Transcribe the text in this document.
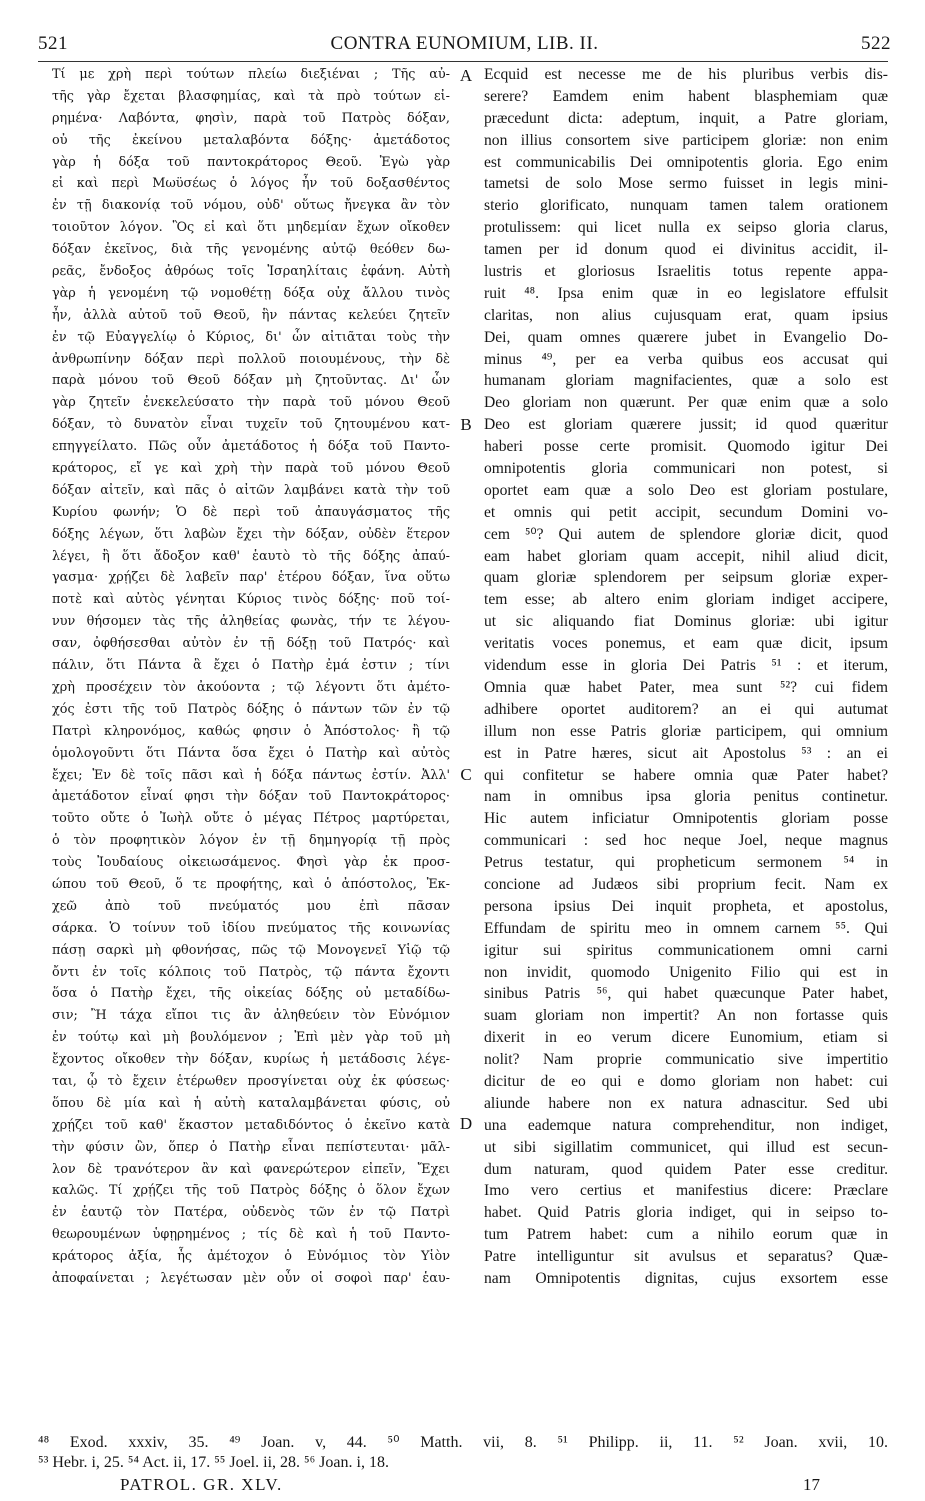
521	CONTRA EUNOMIUM, LIB. II.	522
Τί με χρὴ περὶ τούτων πλείω διεξιέναι ; Τῆς αὐ-
τῆς γὰρ ἔχεται βλασφημίας, καὶ τὰ πρὸ τούτων εἰ-
ρημένα· Λαβόντα, φησὶν, παρὰ τοῦ Πατρὸς δόξαν,
οὐ τῆς ἐκείνου μεταλαβόντα δόξης· ἀμετάδοτος
γὰρ ἡ δόξα τοῦ παντοκράτορος Θεοῦ. Ἐγὼ γὰρ
εἰ καὶ περὶ Μωϋσέως ὁ λόγος ἦν τοῦ δοξασθέντος
ἐν τῇ διακονίᾳ τοῦ νόμου, οὐδ' οὕτως ἤνεγκα ἂν τὸν
τοιοῦτον λόγον. Ὃς εἰ καὶ ὅτι μηδεμίαν ἔχων οἴκοθεν
δόξαν ἐκεῖνος, διὰ τῆς γενομένης αὐτῷ θεόθεν δω-
ρεᾶς, ἔνδοξος ἀθρόως τοῖς Ἰσραηλίταις ἐφάνη. Αὐτὴ
γὰρ ἡ γενομένη τῷ νομοθέτῃ δόξα οὐχ ἄλλου τινὸς
ἦν, ἀλλὰ αὐτοῦ τοῦ Θεοῦ, ἣν πάντας κελεύει ζητεῖν
ἐν τῷ Εὐαγγελίῳ ὁ Κύριος, δι' ὧν αἰτιᾶται τοὺς τὴν
ἀνθρωπίνην δόξαν περὶ πολλοῦ ποιουμένους, τὴν δὲ
παρὰ μόνου τοῦ Θεοῦ δόξαν μὴ ζητοῦντας. Δι' ὧν
γὰρ ζητεῖν ἐνεκελεύσατο τὴν παρὰ τοῦ μόνου Θεοῦ
δόξαν, τὸ δυνατὸν εἶναι τυχεῖν τοῦ ζητουμένου κατ-
επηγγείλατο. Πῶς οὖν ἀμετάδοτος ἡ δόξα τοῦ Παντο-
κράτορος, εἴ γε καὶ χρὴ τὴν παρὰ τοῦ μόνου Θεοῦ
δόξαν αἰτεῖν, καὶ πᾶς ὁ αἰτῶν λαμβάνει κατὰ τὴν τοῦ
Κυρίου φωνήν; Ὁ δὲ περὶ τοῦ ἀπαυγάσματος τῆς
δόξης λέγων, ὅτι λαβὼν ἔχει τὴν δόξαν, οὐδὲν ἕτερον
λέγει, ἢ ὅτι ἄδοξον καθ' ἑαυτὸ τὸ τῆς δόξης ἀπαύ-
γασμα· χρῄζει δὲ λαβεῖν παρ' ἑτέρου δόξαν, ἵνα οὕτω
ποτὲ καὶ αὐτὸς γένηται Κύριος τινὸς δόξης· ποῦ τοί-
νυν θήσομεν τὰς τῆς ἀληθείας φωνὰς, τήν τε λέγου-
σαν, ὀφθήσεσθαι αὐτὸν ἐν τῇ δόξῃ τοῦ Πατρός· καὶ
πάλιν, ὅτι Πάντα ἃ ἔχει ὁ Πατὴρ ἐμά ἐστιν ; τίνι
χρὴ προσέχειν τὸν ἀκούοντα ; τῷ λέγοντι ὅτι ἀμέτο-
χός ἐστι τῆς τοῦ Πατρὸς δόξης ὁ πάντων τῶν ἐν τῷ
Πατρὶ κληρονόμος, καθώς φησιν ὁ Ἀπόστολος· ἢ τῷ
ὁμολογοῦντι ὅτι Πάντα ὅσα ἔχει ὁ Πατὴρ καὶ αὐτὸς
ἔχει; Ἐν δὲ τοῖς πᾶσι καὶ ἡ δόξα πάντως ἐστίν. Ἀλλ'
ἀμετάδοτον εἶναί φησι τὴν δόξαν τοῦ Παντοκράτορος·
τοῦτο οὔτε ὁ Ἰωὴλ οὔτε ὁ μέγας Πέτρος μαρτύρεται,
ὁ τὸν προφητικὸν λόγον ἐν τῇ δημηγορίᾳ τῇ πρὸς
τοὺς Ἰουδαίους οἰκειωσάμενος. Φησὶ γὰρ ἐκ προσ-
ώπου τοῦ Θεοῦ, ὅ τε προφήτης, καὶ ὁ ἀπόστολος, Ἐκ-
χεῶ ἀπὸ τοῦ πνεύματός μου ἐπὶ πᾶσαν
σάρκα. Ὁ τοίνυν τοῦ ἰδίου πνεύματος τῆς κοινωνίας
πάσῃ σαρκὶ μὴ φθονήσας, πῶς τῷ Μονογενεῖ Υἱῷ τῷ
ὄντι ἐν τοῖς κόλποις τοῦ Πατρὸς, τῷ πάντα ἔχοντι
ὅσα ὁ Πατὴρ ἔχει, τῆς οἰκείας δόξης οὐ μεταδίδω-
σιν; Ἢ τάχα εἴποι τις ἂν ἀληθεύειν τὸν Εὐνόμιον
ἐν τούτῳ καὶ μὴ βουλόμενον ; Ἐπὶ μὲν γὰρ τοῦ μὴ
ἔχοντος οἴκοθεν τὴν δόξαν, κυρίως ἡ μετάδοσις λέγε-
ται, ᾧ τὸ ἔχειν ἑτέρωθεν προσγίνεται οὐχ ἐκ φύσεως·
ὅπου δὲ μία καὶ ἡ αὐτὴ καταλαμβάνεται φύσις, οὐ
χρῄζει τοῦ καθ' ἕκαστον μεταδιδόντος ὁ ἐκεῖνο κατὰ
τὴν φύσιν ὢν, ὅπερ ὁ Πατὴρ εἶναι πεπίστευται· μᾶλ-
λον δὲ τρανότερον ἂν καὶ φανερώτερον εἰπεῖν, Ἔχει
καλῶς. Τί χρῄζει τῆς τοῦ Πατρὸς δόξης ὁ ὅλον ἔχων
ἐν ἑαυτῷ τὸν Πατέρα, οὐδενὸς τῶν ἐν τῷ Πατρὶ
θεωρουμένων ὑφῃρημένος ; τίς δὲ καὶ ἡ τοῦ Παντο-
κράτορος ἀξία, ἧς ἀμέτοχον ὁ Εὐνόμιος τὸν Υἱὸν
ἀποφαίνεται ; λεγέτωσαν μὲν οὖν οἱ σοφοὶ παρ' ἑαυ-
Ecquid est necesse me de his pluribus verbis dis-
serere? Eamdem enim habent blasphemiam quæ
præcedunt dicta: adeptum, inquit, a Patre gloriam,
non illius consortem sive participem gloriæ: non enim
est communicabilis Dei omnipotentis gloria. Ego enim
tametsi de solo Mose sermo fuisset in legis mini-
sterio glorificato, nunquam tamen talem orationem
protulissem: qui licet nulla ex seipso gloria clarus,
tamen per id donum quod ei divinitus accidit, il-
lustris et gloriosus Israelitis totus repente appa-
ruit ⁴⁸. Ipsa enim quæ in eo legislatore effulsit
claritas, non alius cujusquam erat, quam ipsius
Dei, quam omnes quærere jubet in Evangelio Do-
minus ⁴⁹, per ea verba quibus eos accusat qui
humanam gloriam magnifacientes, quæ a solo est
Deo gloriam non quærunt. Per quæ enim quæ a solo
Deo est gloriam quærere jussit; id quod quæritur
haberi posse certe promisit. Quomodo igitur Dei
omnipotentis gloria communicari non potest, si
oportet eam quæ a solo Deo est gloriam postulare,
et omnis qui petit accipit, secundum Domini vo-
cem ⁵⁰? Qui autem de splendore gloriæ dicit, quod
eam habet gloriam quam accepit, nihil aliud dicit,
quam gloriæ splendorem per seipsum gloriæ exper-
tem esse; ab altero enim gloriam indiget accipere,
ut sic aliquando fiat Dominus gloriæ: ubi igitur
veritatis voces ponemus, et eam quæ dicit, ipsum
videndum esse in gloria Dei Patris ⁵¹ : et iterum,
Omnia quæ habet Pater, mea sunt ⁵²? cui fidem
adhibere oportet auditorem? an ei qui autumat
illum non esse Patris gloriæ participem, qui omnium
est in Patre hæres, sicut ait Apostolus ⁵³ : an ei
qui confitetur se habere omnia quæ Pater habet?
nam in omnibus ipsa gloria penitus continetur.
Hic autem inficiatur Omnipotentis gloriam posse
communicari : sed hoc neque Joel, neque magnus
Petrus testatur, qui propheticum sermonem ⁵⁴ in
concione ad Judæos sibi proprium fecit. Nam ex
persona ipsius Dei inquit propheta, et apostolus,
Effundam de spiritu meo in omnem carnem ⁵⁵. Qui
igitur sui spiritus communicationem omni carni
non invidit, quomodo Unigenito Filio qui est in
sinibus Patris ⁵⁶, qui habet quæcunque Pater habet,
suam gloriam non impertit? An non fortasse quis
dixerit in eo verum dicere Eunomium, etiam si
nolit? Nam proprie communicatio sive impertitio
dicitur de eo qui e domo gloriam non habet: cui
aliunde habere non ex natura adnascitur. Sed ubi
una eademque natura comprehenditur, non indiget,
ut sibi sigillatim communicet, qui illud est secun-
dum naturam, quod quidem Pater esse creditur.
Imo vero certius et manifestius dicere: Præclare
habet. Quid Patris gloria indiget, qui in seipso to-
tum Patrem habet: cum a nihilo eorum quæ in
Patre intelliguntur sit avulsus et separatus? Quæ-
nam Omnipotentis dignitas, cujus exsortem esse
A
B
C
D
⁴⁸ Exod. xxxiv, 35. ⁴⁹ Joan. v, 44. ⁵⁰ Matth. vii, 8. ⁵¹ Philipp. ii, 11. ⁵² Joan. xvii, 10.
⁵³ Hebr. i, 25. ⁵⁴ Act. ii, 17. ⁵⁵ Joel. ii, 28. ⁵⁶ Joan. i, 18.
PATROL. GR. XLV.	17
